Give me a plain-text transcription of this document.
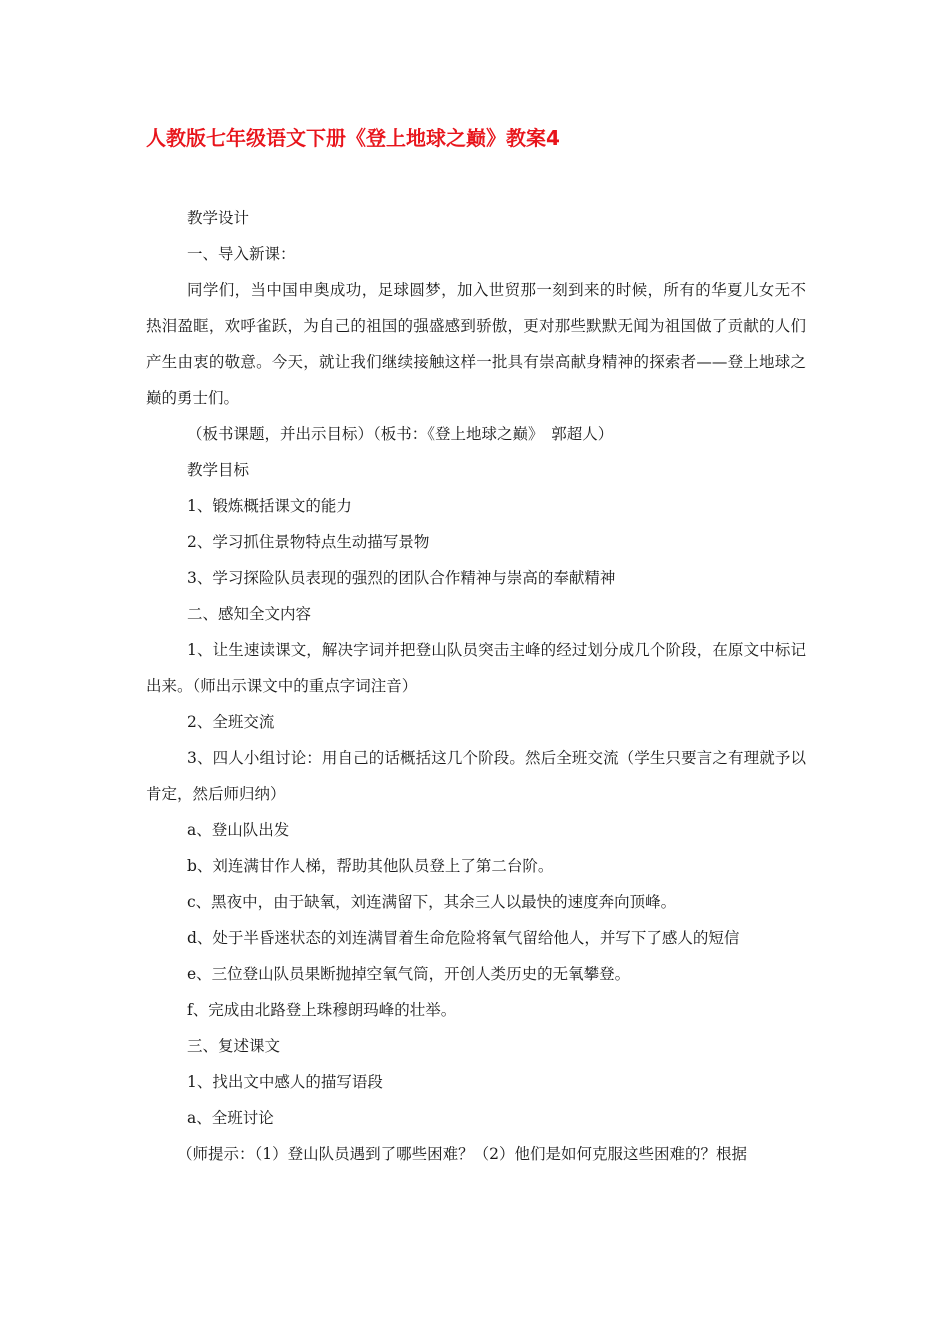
人教版七年级语文下册《登上地球之巅》教案4

教学设计

一、导入新课：

同学们，当中国申奥成功，足球圆梦，加入世贸那一刻到来的时候，所有的华夏儿女无不热泪盈眶，欢呼雀跃，为自己的祖国的强盛感到骄傲，更对那些默默无闻为祖国做了贡献的人们产生由衷的敬意。今天，就让我们继续接触这样一批具有崇高献身精神的探索者——登上地球之巅的勇士们。

（板书课题，并出示目标）（板书：《登上地球之巅》　郭超人）

教学目标

1、锻炼概括课文的能力

2、学习抓住景物特点生动描写景物

3、学习探险队员表现的强烈的团队合作精神与崇高的奉献精神

二、感知全文内容

1、让生速读课文，解决字词并把登山队员突击主峰的经过划分成几个阶段，在原文中标记出来。（师出示课文中的重点字词注音）

2、全班交流

3、四人小组讨论：用自己的话概括这几个阶段。然后全班交流（学生只要言之有理就予以肯定，然后师归纳）

a、登山队出发

b、刘连满甘作人梯，帮助其他队员登上了第二台阶。

c、黑夜中，由于缺氧，刘连满留下，其余三人以最快的速度奔向顶峰。

d、处于半昏迷状态的刘连满冒着生命危险将氧气留给他人，并写下了感人的短信

e、三位登山队员果断抛掉空氧气筒，开创人类历史的无氧攀登。

f、完成由北路登上珠穆朗玛峰的壮举。

三、复述课文

1、找出文中感人的描写语段

a、全班讨论

（师提示：（1）登山队员遇到了哪些困难？（2）他们是如何克服这些困难的？根据
